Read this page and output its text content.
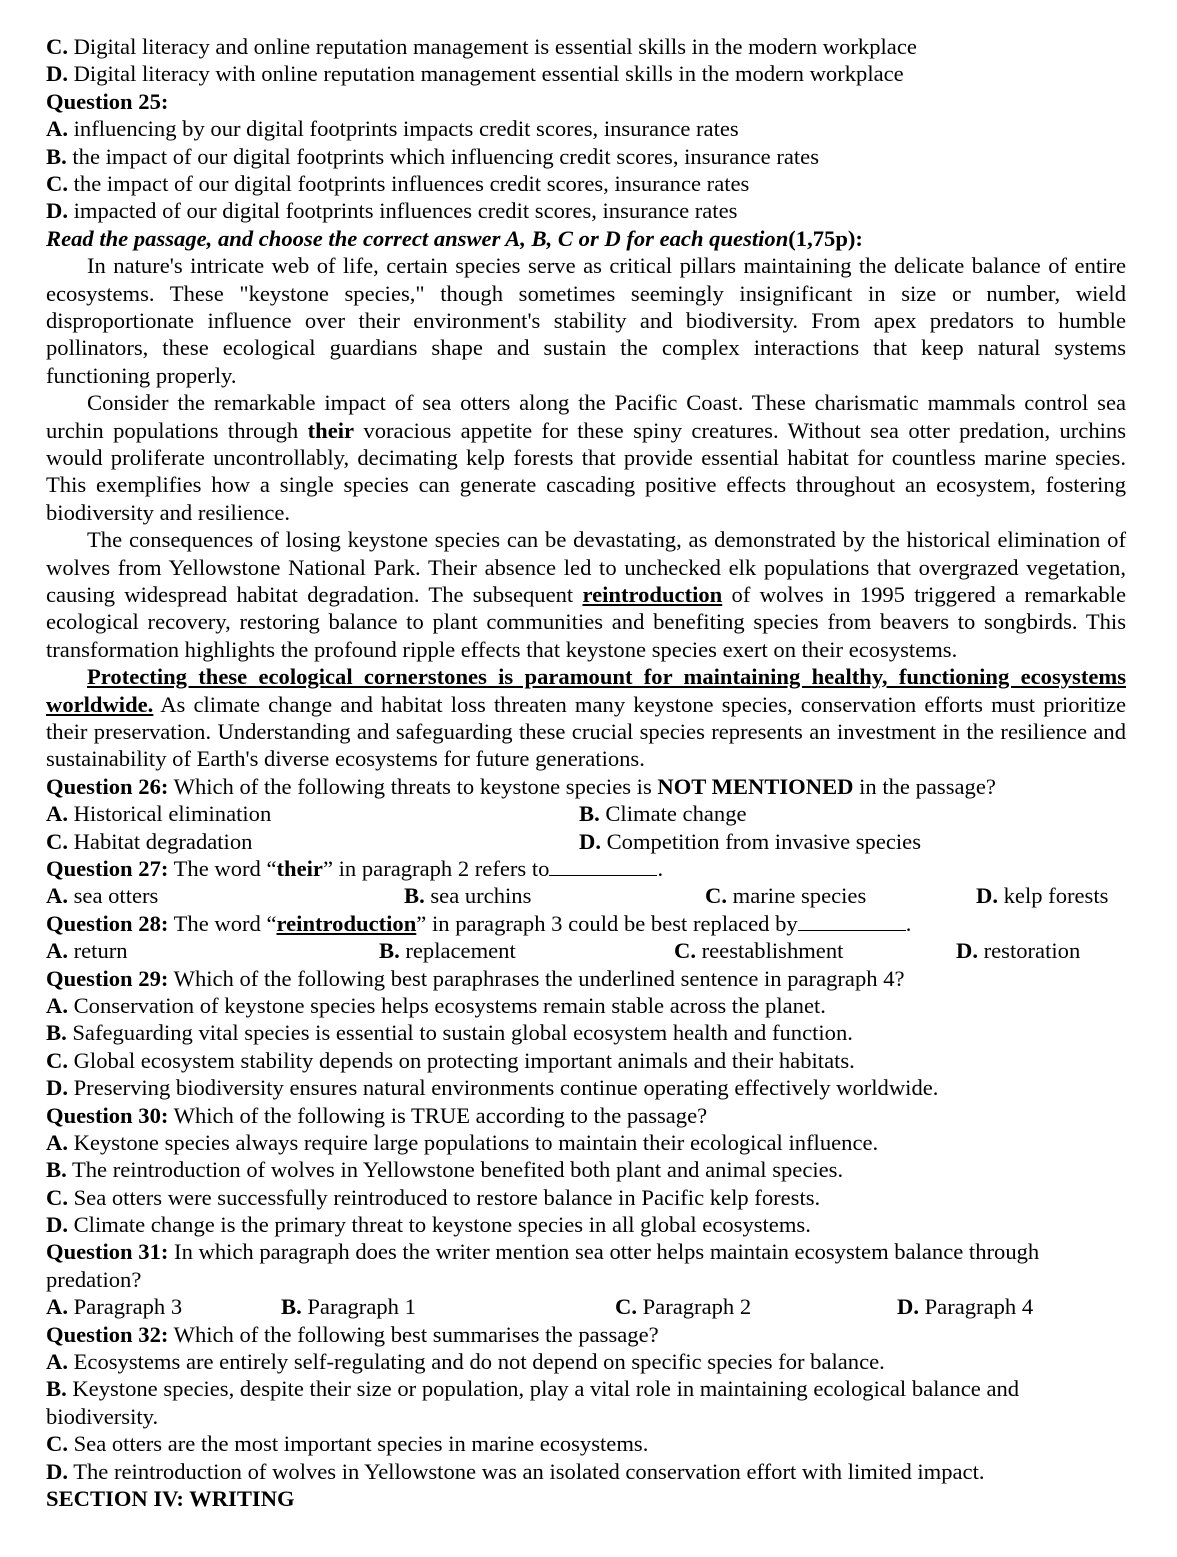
C. Digital literacy and online reputation management is essential skills in the modern workplace
D. Digital literacy with online reputation management essential skills in the modern workplace
Question 25:
A. influencing by our digital footprints impacts credit scores, insurance rates
B. the impact of our digital footprints which influencing credit scores, insurance rates
C. the impact of our digital footprints influences credit scores, insurance rates
D. impacted of our digital footprints influences credit scores, insurance rates
Read the passage, and choose the correct answer A, B, C or D for each question(1,75p):
In nature's intricate web of life, certain species serve as critical pillars maintaining the delicate balance of entire ecosystems. These "keystone species," though sometimes seemingly insignificant in size or number, wield disproportionate influence over their environment's stability and biodiversity. From apex predators to humble pollinators, these ecological guardians shape and sustain the complex interactions that keep natural systems functioning properly.
Consider the remarkable impact of sea otters along the Pacific Coast. These charismatic mammals control sea urchin populations through their voracious appetite for these spiny creatures. Without sea otter predation, urchins would proliferate uncontrollably, decimating kelp forests that provide essential habitat for countless marine species. This exemplifies how a single species can generate cascading positive effects throughout an ecosystem, fostering biodiversity and resilience.
The consequences of losing keystone species can be devastating, as demonstrated by the historical elimination of wolves from Yellowstone National Park. Their absence led to unchecked elk populations that overgrazed vegetation, causing widespread habitat degradation. The subsequent reintroduction of wolves in 1995 triggered a remarkable ecological recovery, restoring balance to plant communities and benefiting species from beavers to songbirds. This transformation highlights the profound ripple effects that keystone species exert on their ecosystems.
Protecting these ecological cornerstones is paramount for maintaining healthy, functioning ecosystems worldwide. As climate change and habitat loss threaten many keystone species, conservation efforts must prioritize their preservation. Understanding and safeguarding these crucial species represents an investment in the resilience and sustainability of Earth's diverse ecosystems for future generations.
Question 26: Which of the following threats to keystone species is NOT MENTIONED in the passage?
A. Historical elimination	B. Climate change
C. Habitat degradation	D. Competition from invasive species
Question 27: The word “their” in paragraph 2 refers to	.
A. sea otters	B. sea urchins	C. marine species	D. kelp forests
Question 28: The word “reintroduction” in paragraph 3 could be best replaced by	.
A. return	B. replacement	C. reestablishment	D. restoration
Question 29: Which of the following best paraphrases the underlined sentence in paragraph 4?
A. Conservation of keystone species helps ecosystems remain stable across the planet.
B. Safeguarding vital species is essential to sustain global ecosystem health and function.
C. Global ecosystem stability depends on protecting important animals and their habitats.
D. Preserving biodiversity ensures natural environments continue operating effectively worldwide.
Question 30: Which of the following is TRUE according to the passage?
A. Keystone species always require large populations to maintain their ecological influence.
B. The reintroduction of wolves in Yellowstone benefited both plant and animal species.
C. Sea otters were successfully reintroduced to restore balance in Pacific kelp forests.
D. Climate change is the primary threat to keystone species in all global ecosystems.
Question 31: In which paragraph does the writer mention sea otter helps maintain ecosystem balance through
predation?
A. Paragraph 3	B. Paragraph 1	C. Paragraph 2	D. Paragraph 4
Question 32: Which of the following best summarises the passage?
A. Ecosystems are entirely self-regulating and do not depend on specific species for balance.
B. Keystone species, despite their size or population, play a vital role in maintaining ecological balance and
biodiversity.
C. Sea otters are the most important species in marine ecosystems.
D. The reintroduction of wolves in Yellowstone was an isolated conservation effort with limited impact.
SECTION IV: WRITING
